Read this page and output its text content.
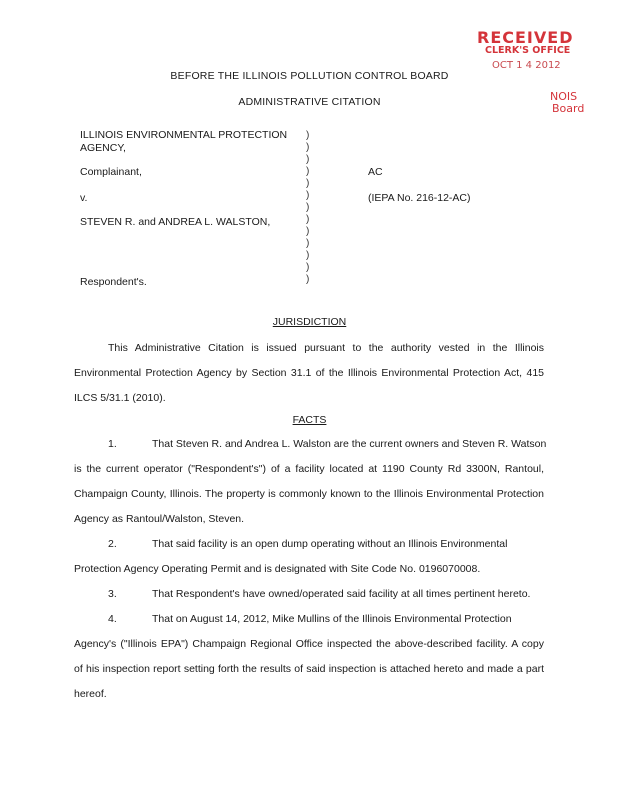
RECEIVED
CLERK'S OFFICE
OCT 1 4 2012
NOIS
Board
BEFORE THE ILLINOIS POLLUTION CONTROL BOARD
ADMINISTRATIVE CITATION
ILLINOIS ENVIRONMENTAL PROTECTION
AGENCY,
Complainant,
v.
STEVEN R. and ANDREA L. WALSTON,
Respondent's.
AC
(IEPA No. 216-12-AC)
)
)
)
)
)
)
)
)
)
)
)
)
)
JURISDICTION
This Administrative Citation is issued pursuant to the authority vested in the Illinois
Environmental Protection Agency by Section 31.1 of the Illinois Environmental Protection Act, 415
ILCS 5/31.1 (2010).
FACTS
1.	That Steven R. and Andrea L. Walston are the current owners and Steven R. Watson
is the current operator ("Respondent's") of a facility located at 1190 County Rd 3300N, Rantoul,
Champaign County, Illinois. The property is commonly known to the Illinois Environmental Protection
Agency as Rantoul/Walston, Steven.
2.	That said facility is an open dump operating without an Illinois Environmental
Protection Agency Operating Permit and is designated with Site Code No. 0196070008.
3.	That Respondent's have owned/operated said facility at all times pertinent hereto.
4.	That on August 14, 2012, Mike Mullins of the Illinois Environmental Protection
Agency's ("Illinois EPA") Champaign Regional Office inspected the above-described facility. A copy
of his inspection report setting forth the results of said inspection is attached hereto and made a part
hereof.
